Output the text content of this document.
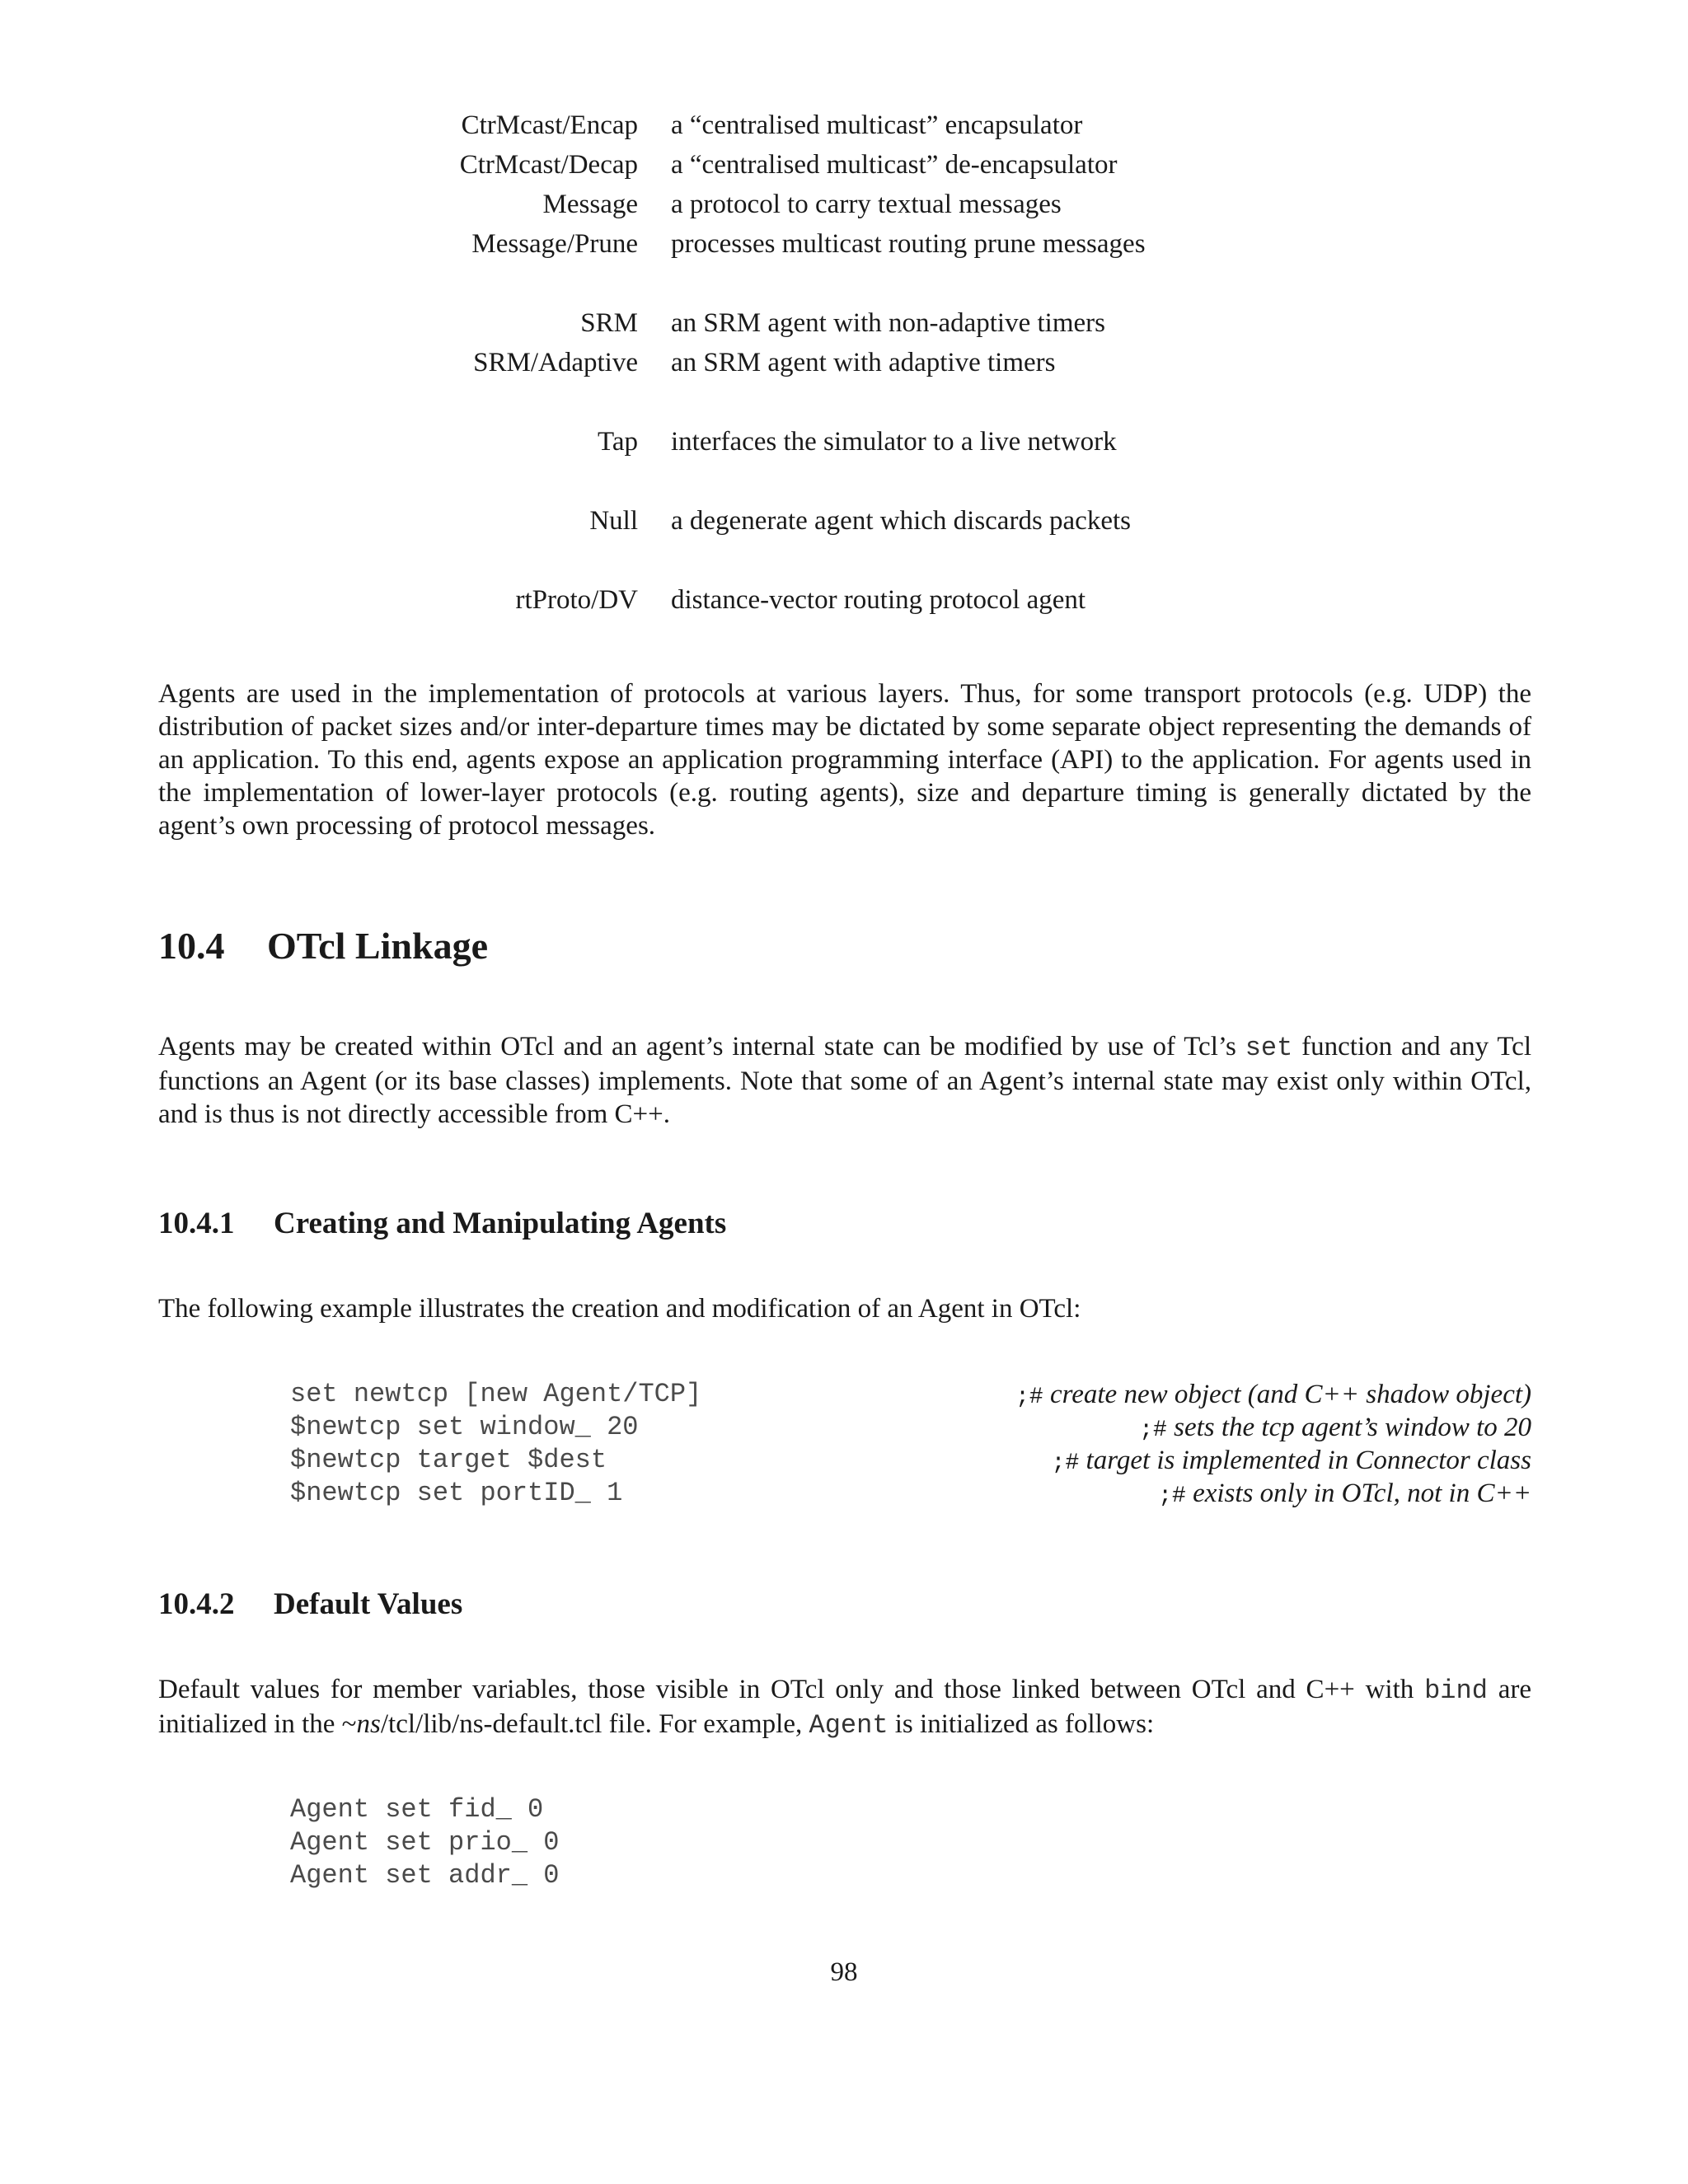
CtrMcast/Encap	a “centralised multicast” encapsulator
CtrMcast/Decap	a “centralised multicast” de-encapsulator
Message	a protocol to carry textual messages
Message/Prune	processes multicast routing prune messages
SRM	an SRM agent with non-adaptive timers
SRM/Adaptive	an SRM agent with adaptive timers
Tap	interfaces the simulator to a live network
Null	a degenerate agent which discards packets
rtProto/DV	distance-vector routing protocol agent

Agents are used in the implementation of protocols at various layers. Thus, for some transport protocols (e.g. UDP) the distribution of packet sizes and/or inter-departure times may be dictated by some separate object representing the demands of an application. To this end, agents expose an application programming interface (API) to the application. For agents used in the implementation of lower-layer protocols (e.g. routing agents), size and departure timing is generally dictated by the agent’s own processing of protocol messages.

10.4 OTcl Linkage

Agents may be created within OTcl and an agent’s internal state can be modified by use of Tcl’s set function and any Tcl functions an Agent (or its base classes) implements. Note that some of an Agent’s internal state may exist only within OTcl, and is thus is not directly accessible from C++.

10.4.1 Creating and Manipulating Agents

The following example illustrates the creation and modification of an Agent in OTcl:

set newtcp [new Agent/TCP]	;# create new object (and C++ shadow object)
$newtcp set window_ 20	;# sets the tcp agent’s window to 20
$newtcp target $dest	;# target is implemented in Connector class
$newtcp set portID_ 1	;# exists only in OTcl, not in C++
10.4.2 Default Values

Default values for member variables, those visible in OTcl only and those linked between OTcl and C++ with bind are initialized in the ~ns/tcl/lib/ns-default.tcl file. For example, Agent is initialized as follows:

Agent set fid_ 0
Agent set prio_ 0
Agent set addr_ 0
98
